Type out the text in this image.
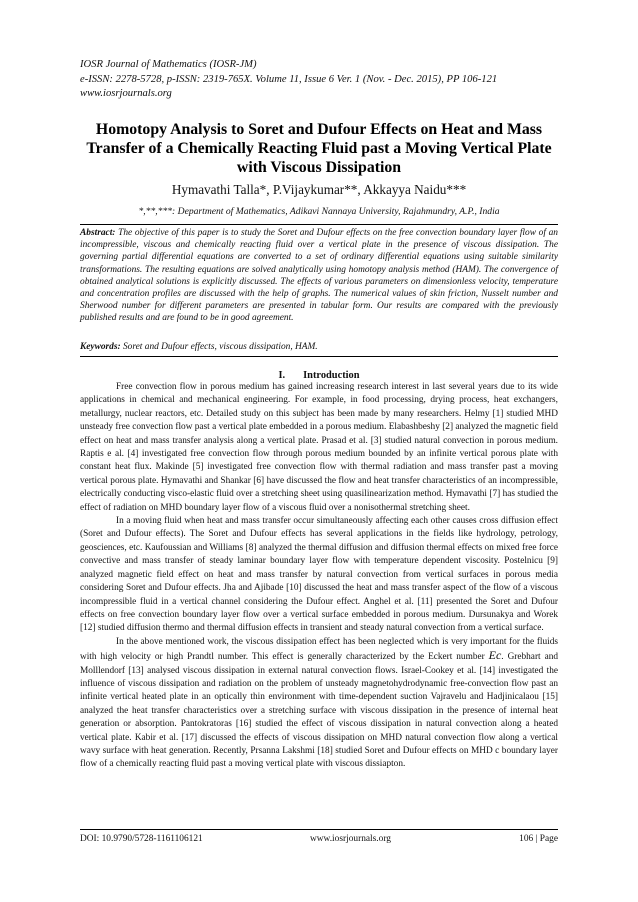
IOSR Journal of Mathematics (IOSR-JM)
e-ISSN: 2278-5728, p-ISSN: 2319-765X. Volume 11, Issue 6 Ver. 1 (Nov. - Dec. 2015), PP 106-121
www.iosrjournals.org
Homotopy Analysis to Soret and Dufour Effects on Heat and Mass Transfer of a Chemically Reacting Fluid past a Moving Vertical Plate with Viscous Dissipation
Hymavathi Talla*, P.Vijaykumar**, Akkayya Naidu***
*,**,***: Department of Mathematics, Adikavi Nannaya University, Rajahmundry, A.P., India
Abstract: The objective of this paper is to study the Soret and Dufour effects on the free convection boundary layer flow of an incompressible, viscous and chemically reacting fluid over a vertical plate in the presence of viscous dissipation. The governing partial differential equations are converted to a set of ordinary differential equations using suitable similarity transformations. The resulting equations are solved analytically using homotopy analysis method (HAM). The convergence of obtained analytical solutions is explicitly discussed. The effects of various parameters on dimensionless velocity, temperature and concentration profiles are discussed with the help of graphs. The numerical values of skin friction, Nusselt number and Sherwood number for different parameters are presented in tabular form. Our results are compared with the previously published results and are found to be in good agreement.
Keywords: Soret and Dufour effects, viscous dissipation, HAM.
I. Introduction

Free convection flow in porous medium has gained increasing research interest in last several years due to its wide applications in chemical and mechanical engineering. For example, in food processing, drying process, heat exchangers, metallurgy, nuclear reactors, etc. Detailed study on this subject has been made by many researchers. Helmy [1] studied MHD unsteady free convection flow past a vertical plate embedded in a porous medium. Elabashbeshy [2] analyzed the magnetic field effect on heat and mass transfer analysis along a vertical plate. Prasad et al. [3] studied natural convection in porous medium. Raptis e al. [4] investigated free convection flow through porous medium bounded by an infinite vertical porous plate with constant heat flux. Makinde [5] investigated free convection flow with thermal radiation and mass transfer past a moving vertical porous plate. Hymavathi and Shankar [6] have discussed the flow and heat transfer characteristics of an incompressible, electrically conducting visco-elastic fluid over a stretching sheet using quasilinearization method. Hymavathi [7] has studied the effect of radiation on MHD boundary layer flow of a viscous fluid over a nonisothermal stretching sheet.

In a moving fluid when heat and mass transfer occur simultaneously affecting each other causes cross diffusion effect (Soret and Dufour effects). The Soret and Dufour effects has several applications in the fields like hydrology, petrology, geosciences, etc. Kaufoussian and Williams [8] analyzed the thermal diffusion and diffusion thermal effects on mixed free force convective and mass transfer of steady laminar boundary layer flow with temperature dependent viscosity. Postelnicu [9] analyzed magnetic field effect on heat and mass transfer by natural convection from vertical surfaces in porous media considering Soret and Dufour effects. Jha and Ajibade [10] discussed the heat and mass transfer aspect of the flow of a viscous incompressible fluid in a vertical channel considering the Dufour effect. Anghel et al. [11] presented the Soret and Dufour effects on free convection boundary layer flow over a vertical surface embedded in porous medium. Dursunakya and Worek [12] studied diffusion thermo and thermal diffusion effects in transient and steady natural convection from a vertical surface.

In the above mentioned work, the viscous dissipation effect has been neglected which is very important for the fluids with high velocity or high Prandtl number. This effect is generally characterized by the Eckert number Ec. Grebhart and Molllendorf [13] analysed viscous dissipation in external natural convection flows. Israel-Cookey et al. [14] investigated the influence of viscous dissipation and radiation on the problem of unsteady magnetohydrodynamic free-convection flow past an infinite vertical heated plate in an optically thin environment with time-dependent suction Vajravelu and Hadjinicalaou [15] analyzed the heat transfer characteristics over a stretching surface with viscous dissipation in the presence of internal heat generation or absorption. Pantokratoras [16] studied the effect of viscous dissipation in natural convection along a heated vertical plate. Kabir et al. [17] discussed the effects of viscous dissipation on MHD natural convection flow along a vertical wavy surface with heat generation. Recently, Prsanna Lakshmi [18] studied Soret and Dufour effects on MHD c boundary layer flow of a chemically reacting fluid past a moving vertical plate with viscous dissiapton.

DOI: 10.9790/5728-1161106121	www.iosrjournals.org	106 | Page
